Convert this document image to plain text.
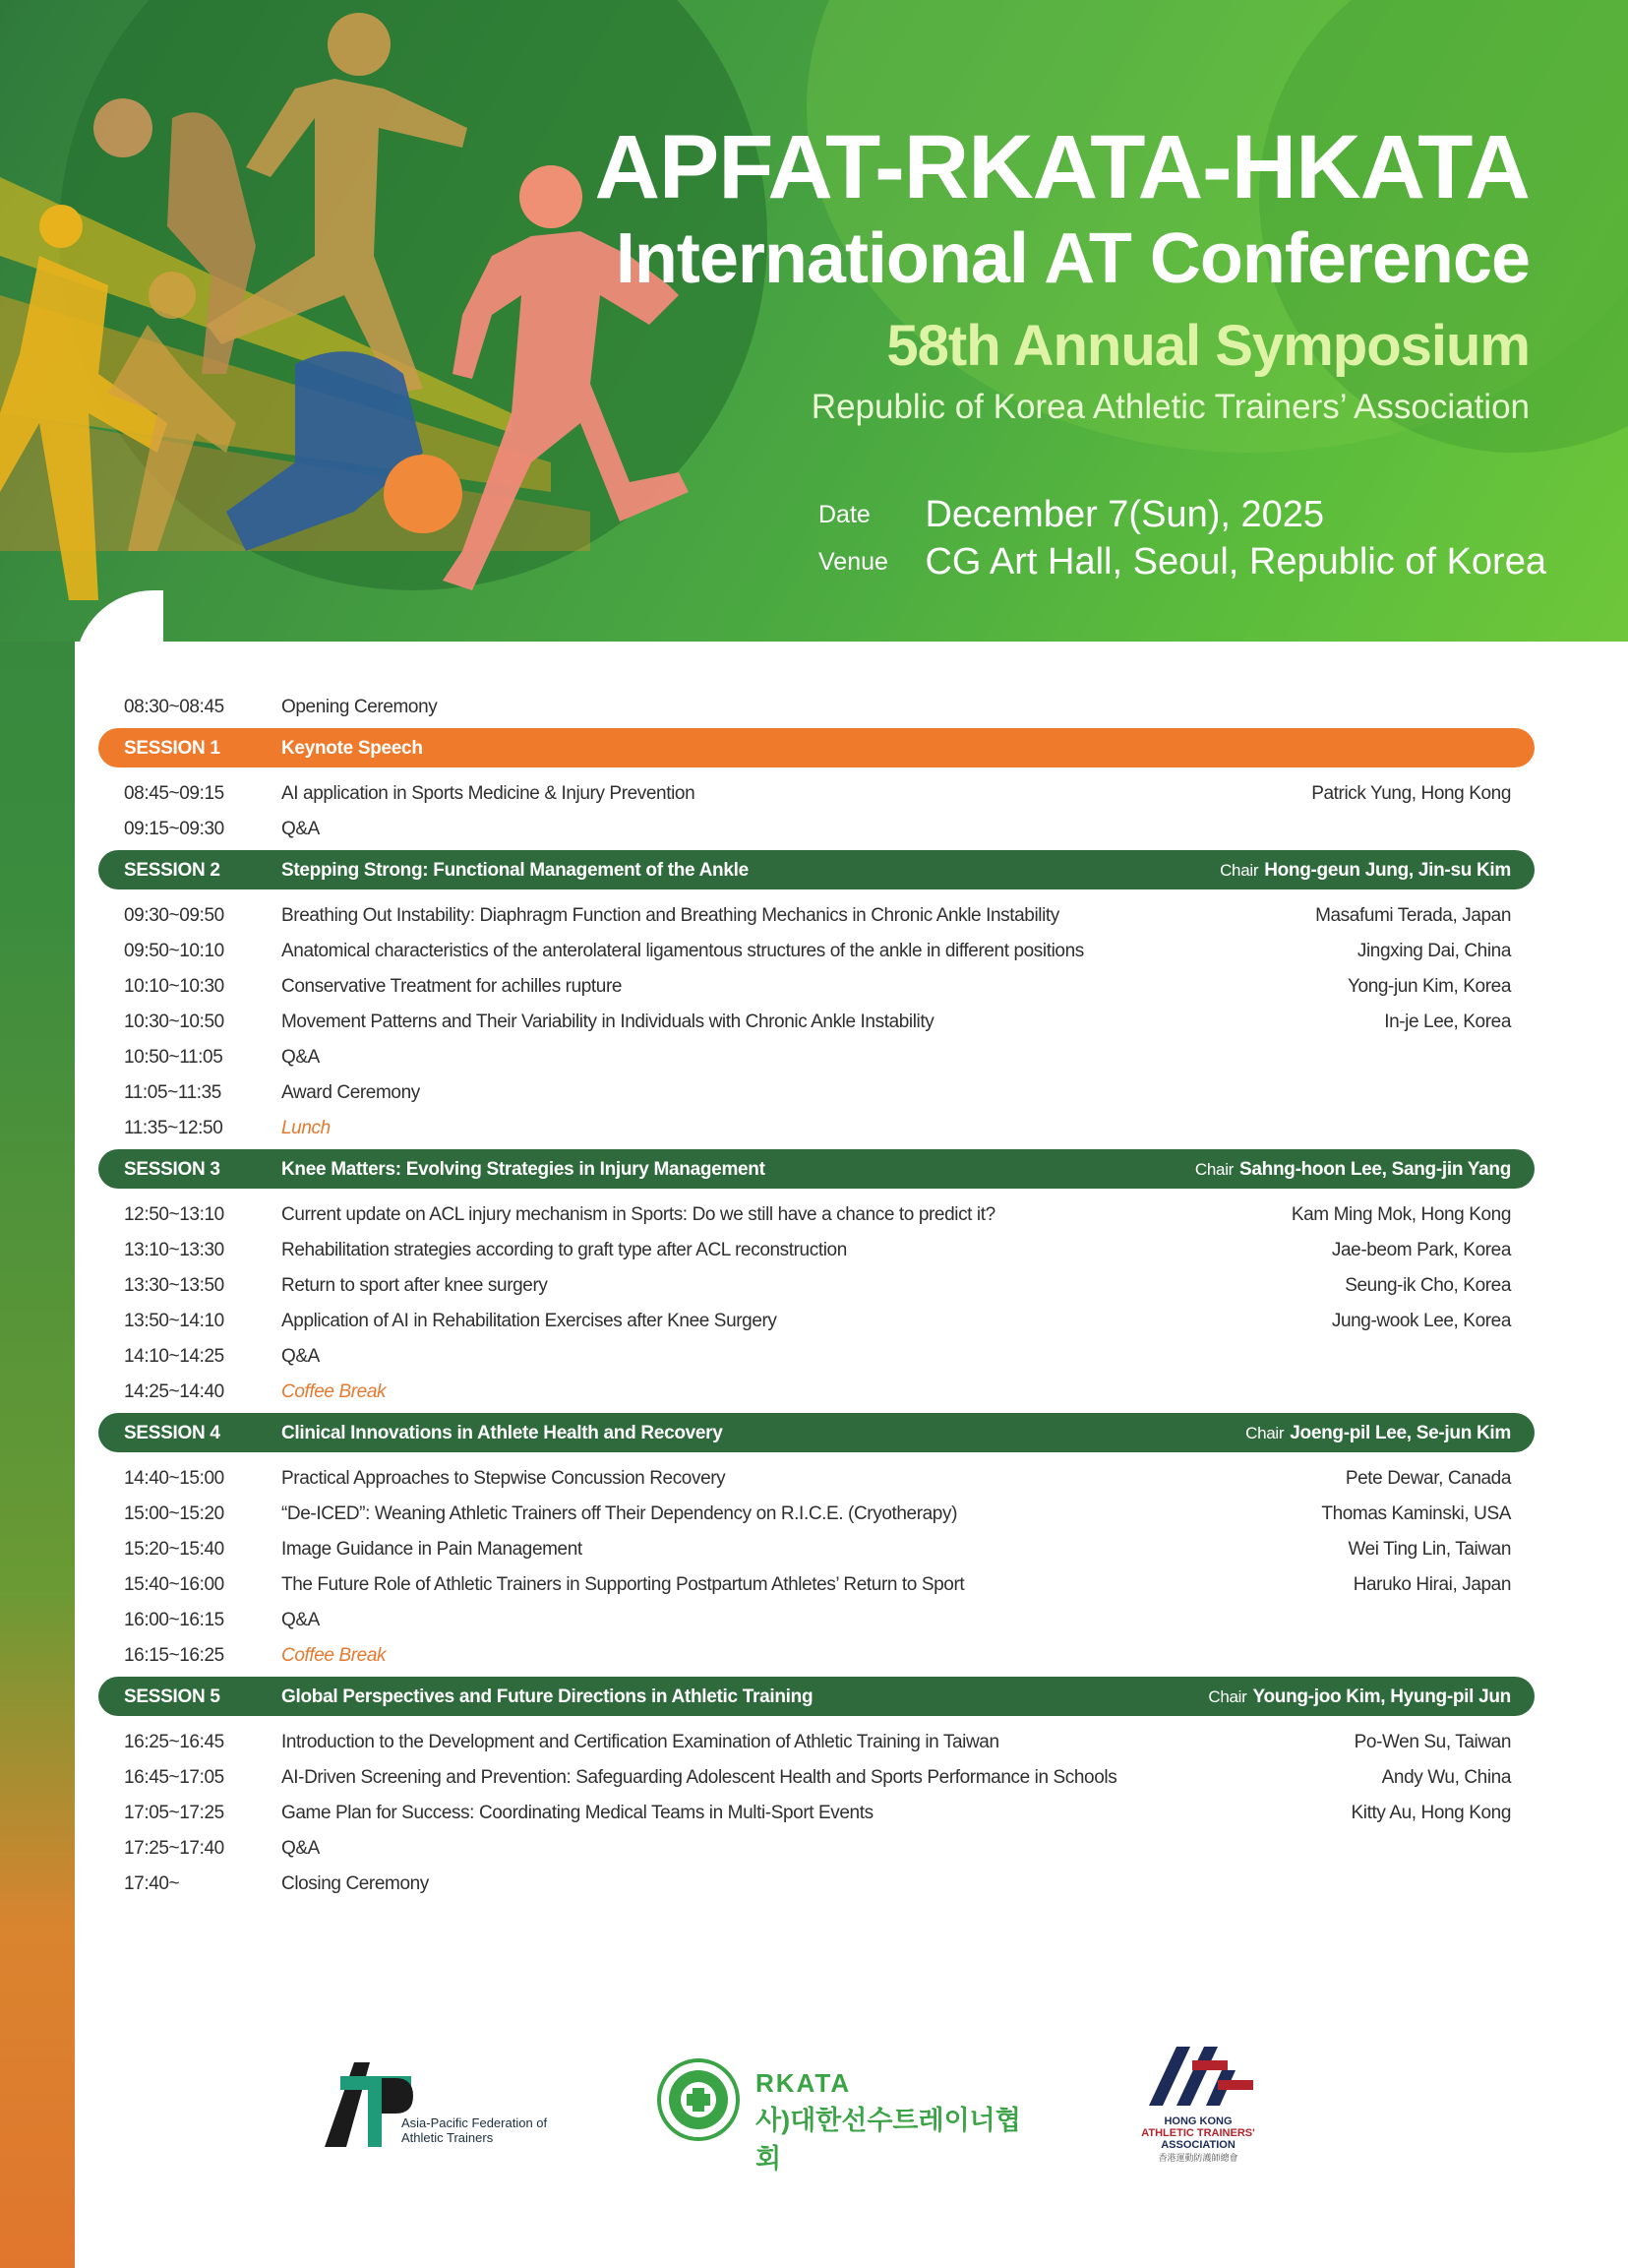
APFAT-RKATA-HKATA
International AT Conference
58th Annual Symposium
Republic of Korea Athletic Trainers’ Association
Date December 7(Sun), 2025
Venue CG Art Hall, Seoul, Republic of Korea
08:30~08:45	Opening Ceremony
SESSION 1	Keynote Speech
08:45~09:15	AI application in Sports Medicine & Injury Prevention	Patrick Yung, Hong Kong
09:15~09:30	Q&A
SESSION 2	Stepping Strong: Functional Management of the Ankle	Chair Hong-geun Jung, Jin-su Kim
09:30~09:50	Breathing Out Instability: Diaphragm Function and Breathing Mechanics in Chronic Ankle Instability	Masafumi Terada, Japan
09:50~10:10	Anatomical characteristics of the anterolateral ligamentous structures of the ankle in different positions	Jingxing Dai, China
10:10~10:30	Conservative Treatment for achilles rupture	Yong-jun Kim, Korea
10:30~10:50	Movement Patterns and Their Variability in Individuals with Chronic Ankle Instability	In-je Lee, Korea
10:50~11:05	Q&A
11:05~11:35	Award Ceremony
11:35~12:50	Lunch
SESSION 3	Knee Matters: Evolving Strategies in Injury Management	Chair Sahng-hoon Lee, Sang-jin Yang
12:50~13:10	Current update on ACL injury mechanism in Sports: Do we still have a chance to predict it?	Kam Ming Mok, Hong Kong
13:10~13:30	Rehabilitation strategies according to graft type after ACL reconstruction	Jae-beom Park, Korea
13:30~13:50	Return to sport after knee surgery	Seung-ik Cho, Korea
13:50~14:10	Application of AI in Rehabilitation Exercises after Knee Surgery	Jung-wook Lee, Korea
14:10~14:25	Q&A
14:25~14:40	Coffee Break
SESSION 4	Clinical Innovations in Athlete Health and Recovery	Chair Joeng-pil Lee, Se-jun Kim
14:40~15:00	Practical Approaches to Stepwise Concussion Recovery	Pete Dewar, Canada
15:00~15:20	“De-ICED”: Weaning Athletic Trainers off Their Dependency on R.I.C.E. (Cryotherapy)	Thomas Kaminski, USA
15:20~15:40	Image Guidance in Pain Management	Wei Ting Lin, Taiwan
15:40~16:00	The Future Role of Athletic Trainers in Supporting Postpartum Athletes’ Return to Sport	Haruko Hirai, Japan
16:00~16:15	Q&A
16:15~16:25	Coffee Break
SESSION 5	Global Perspectives and Future Directions in Athletic Training	Chair Young-joo Kim, Hyung-pil Jun
16:25~16:45	Introduction to the Development and Certification Examination of Athletic Training in Taiwan	Po-Wen Su, Taiwan
16:45~17:05	AI-Driven Screening and Prevention: Safeguarding Adolescent Health and Sports Performance in Schools	Andy Wu, China
17:05~17:25	Game Plan for Success: Coordinating Medical Teams in Multi-Sport Events	Kitty Au, Hong Kong
17:25~17:40	Q&A
17:40~	Closing Ceremony
Asia-Pacific Federation of
Athletic Trainers
RKATA
사)대한선수트레이너협회
HONG KONG
ATHLETIC TRAINERS'
ASSOCIATION
香港運動防護師總會
